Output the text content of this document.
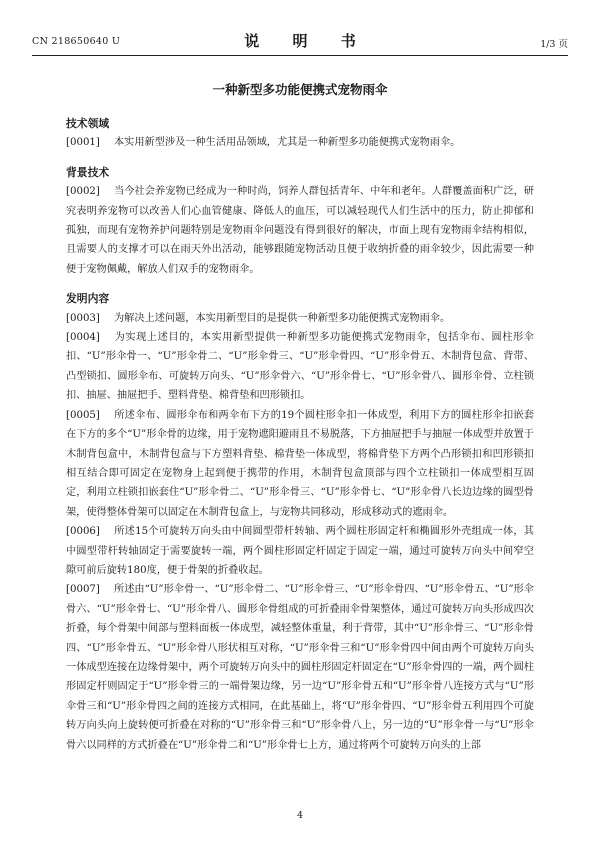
CN 218650640 U	说 明 书	1/3 页
一种新型多功能便携式宠物雨伞
技术领域

[0001] 本实用新型涉及一种生活用品领域，尤其是一种新型多功能便携式宠物雨伞。

背景技术

[0002] 当今社会养宠物已经成为一种时尚，饲养人群包括青年、中年和老年。人群覆盖面积广泛，研究表明养宠物可以改善人们心血管健康、降低人的血压，可以减轻现代人们生活中的压力，防止抑郁和孤独，而现有宠物养护问题特别是宠物雨伞问题没有得到很好的解决，市面上现有宠物雨伞结构相似，且需要人的支撑才可以在雨天外出活动，能够跟随宠物活动且便于收纳折叠的雨伞较少，因此需要一种便于宠物佩戴，解放人们双手的宠物雨伞。

发明内容

[0003] 为解决上述问题，本实用新型目的是提供一种新型多功能便携式宠物雨伞。

[0004] 为实现上述目的，本实用新型提供一种新型多功能便携式宠物雨伞，包括伞布、圆柱形伞扣、“U”形伞骨一、“U”形伞骨二、“U”形伞骨三、“U”形伞骨四、“U”形伞骨五、木制背包盒、背带、凸型锁扣、圆形伞布、可旋转万向头、“U”形伞骨六、“U”形伞骨七、“U”形伞骨八、圆形伞骨、立柱锁扣、抽屉、抽屉把手、塑料背垫、棉背垫和凹形锁扣。

[0005] 所述伞布、圆形伞布和两伞布下方的19个圆柱形伞扣一体成型，利用下方的圆柱形伞扣嵌套在下方的多个“U”形伞骨的边缘，用于宠物遮阳避雨且不易脱落，下方抽屉把手与抽屉一体成型并放置于木制背包盒中，木制背包盒与下方塑料背垫、棉背垫一体成型，将棉背垫下方两个凸形锁扣和凹形锁扣相互结合即可固定在宠物身上起到便于携带的作用，木制背包盒顶部与四个立柱锁扣一体成型相互固定，利用立柱锁扣嵌套住“U”形伞骨二、“U”形伞骨三、“U”形伞骨七、“U”形伞骨八长边边缘的圆型骨架，使得整体骨架可以固定在木制背包盒上，与宠物共同移动，形成移动式的遮雨伞。

[0006] 所述15个可旋转万向头由中间圆型带杆转轴、两个圆柱形固定杆和椭圆形外壳组成一体，其中圆型带杆转轴固定于需要旋转一端，两个圆柱形固定杆固定于固定一端，通过可旋转万向头中间窄空隙可前后旋转180度，便于骨架的折叠收起。

[0007] 所述由“U”形伞骨一、“U”形伞骨二、“U”形伞骨三、“U”形伞骨四、“U”形伞骨五、“U”形伞骨六、“U”形伞骨七、“U”形伞骨八、圆形伞骨组成的可折叠雨伞骨架整体，通过可旋转万向头形成四次折叠，每个骨架中间部与塑料面板一体成型，减轻整体重量，利于背带，其中“U”形伞骨三、“U”形伞骨四、“U”形伞骨五、“U”形伞骨八形状相互对称，“U”形伞骨三和“U”形伞骨四中间由两个可旋转万向头一体成型连接在边缘骨架中，两个可旋转万向头中的圆柱形固定杆固定在“U”形伞骨四的一端，两个圆柱形固定杆则固定于“U”形伞骨三的一端骨架边缘，另一边“U”形伞骨五和“U”形伞骨八连接方式与“U”形伞骨三和“U”形伞骨四之间的连接方式相同，在此基础上，将“U”形伞骨四、“U”形伞骨五利用四个可旋转万向头向上旋转便可折叠在对称的“U”形伞骨三和“U”形伞骨八上，另一边的“U”形伞骨一与“U”形伞骨六以同样的方式折叠在“U”形伞骨二和“U”形伞骨七上方，通过将两个可旋转万向头的上部

4
